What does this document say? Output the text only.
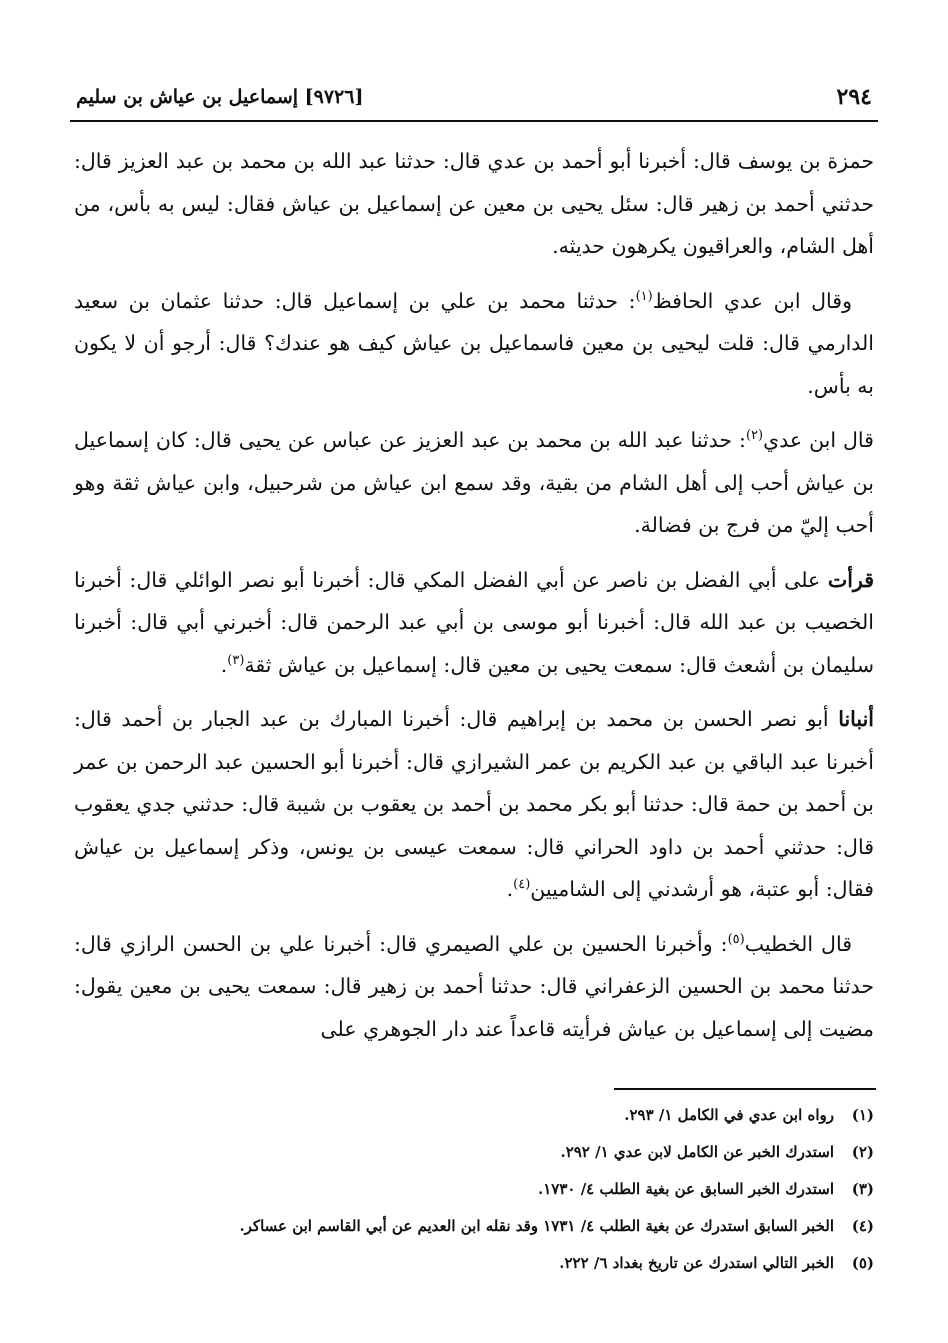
٢٩٤
[٩٧٢٦] إسماعيل بن عياش بن سليم

حمزة بن يوسف قال: أخبرنا أبو أحمد بن عدي قال: حدثنا عبد الله بن محمد بن عبد العزيز قال: حدثني أحمد بن زهير قال: سئل يحيى بن معين عن إسماعيل بن عياش فقال: ليس به بأس، من أهل الشام، والعراقيون يكرهون حديثه.

وقال ابن عدي الحافظ$^{(١)}$: حدثنا محمد بن علي بن إسماعيل قال: حدثنا عثمان بن سعيد الدارمي قال: قلت ليحيى بن معين فاسماعيل بن عياش كيف هو عندك؟ قال: أرجو أن لا يكون به بأس.

قال ابن عدي$^{(٢)}$: حدثنا عبد الله بن محمد بن عبد العزيز عن عباس عن يحيى قال: كان إسماعيل بن عياش أحب إلى أهل الشام من بقية، وقد سمع ابن عياش من شرحبيل، وابن عياش ثقة وهو أحب إليّ من فرج بن فضالة.

قرأت على أبي الفضل بن ناصر عن أبي الفضل المكي قال: أخبرنا أبو نصر الوائلي قال: أخبرنا الخصيب بن عبد الله قال: أخبرنا أبو موسى بن أبي عبد الرحمن قال: أخبرني أبي قال: أخبرنا سليمان بن أشعث قال: سمعت يحيى بن معين قال: إسماعيل بن عياش ثقة$^{(٣)}$.

أنبانا أبو نصر الحسن بن محمد بن إبراهيم قال: أخبرنا المبارك بن عبد الجبار بن أحمد قال: أخبرنا عبد الباقي بن عبد الكريم بن عمر الشيرازي قال: أخبرنا أبو الحسين عبد الرحمن بن عمر بن أحمد بن حمة قال: حدثنا أبو بكر محمد بن أحمد بن يعقوب بن شيبة قال: حدثني جدي يعقوب قال: حدثني أحمد بن داود الحراني قال: سمعت عيسى بن يونس، وذكر إسماعيل بن عياش فقال: أبو عتبة، هو أرشدني إلى الشاميين$^{(٤)}$.

قال الخطيب$^{(٥)}$: وأخبرنا الحسين بن علي الصيمري قال: أخبرنا علي بن الحسن الرازي قال: حدثنا محمد بن الحسين الزعفراني قال: حدثنا أحمد بن زهير قال: سمعت يحيى بن معين يقول: مضيت إلى إسماعيل بن عياش فرأيته قاعداً عند دار الجوهري على

(١)رواه ابن عدي في الكامل ١/ ٢٩٣.
(٢)استدرك الخبر عن الكامل لابن عدي ١/ ٢٩٢.
(٣)استدرك الخبر السابق عن بغية الطلب ٤/ ١٧٣٠.
(٤)الخبر السابق استدرك عن بغية الطلب ٤/ ١٧٣١ وقد نقله ابن العديم عن أبي القاسم ابن عساكر.
(٥)الخبر التالي استدرك عن تاريخ بغداد ٦/ ٢٢٢.
